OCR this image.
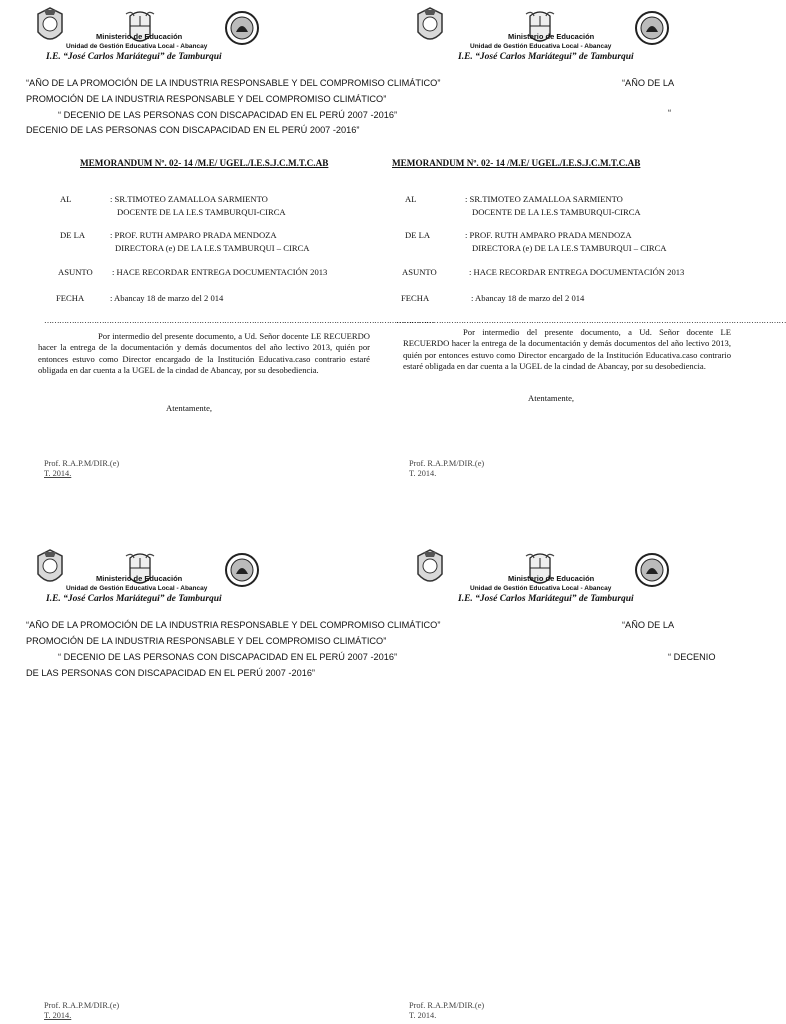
Ministerio de Educación
Unidad de Gestión Educativa Local - Abancay
I.E. “José Carlos Mariátegui” de Tamburqui
Ministerio de Educación
Unidad de Gestión Educativa Local - Abancay
I.E. “José Carlos Mariátegui” de Tamburqui
Ministerio de Educación
Unidad de Gestión Educativa Local - Abancay
I.E. “José Carlos Mariátegui” de Tamburqui
Ministerio de Educación
Unidad de Gestión Educativa Local - Abancay
I.E. “José Carlos Mariátegui” de Tamburqui
“AÑO DE LA PROMOCIÓN DE LA INDUSTRIA RESPONSABLE Y DEL COMPROMISO CLIMÁTICO”	“AÑO DE LA
PROMOCIÓN DE LA INDUSTRIA RESPONSABLE Y DEL COMPROMISO CLIMÁTICO”
“ DECENIO DE LAS PERSONAS CON DISCAPACIDAD EN EL PERÚ 2007 -2016”	“
DECENIO DE LAS PERSONAS CON DISCAPACIDAD EN EL PERÚ 2007 -2016”
MEMORANDUM Nº. 02- 14 /M.E/ UGEL./I.E.S.J.C.M.T.C.AB
AL	: SR.TIMOTEO ZAMALLOA SARMIENTO
DOCENTE DE LA I.E.S TAMBURQUI-CIRCA
DE LA	: PROF. RUTH AMPARO PRADA MENDOZA
DIRECTORA (e) DE LA I.E.S TAMBURQUI – CIRCA
ASUNTO : HACE RECORDAR ENTREGA DOCUMENTACIÓN 2013
FECHA	: Abancay 18 de marzo del 2 014
…………………………………………………………………………………………………………………………………………
Por intermedio del presente documento, a Ud. Señor docente LE RECUERDO hacer la entrega de la documentación y demás documentos del año lectivo 2013, quién por entonces estuvo como Director encargado de la Institución Educativa.caso contrario estaré obligada en dar cuenta a la UGEL de la cindad de Abancay, por su desobediencia.
Atentamente,
Prof. R.A.P.M/DIR.(e)
T. 2014.
MEMORANDUM Nº. 02- 14 /M.E/ UGEL./I.E.S.J.C.M.T.C.AB
AL	: SR.TIMOTEO ZAMALLOA SARMIENTO
DOCENTE DE LA I.E.S TAMBURQUI-CIRCA
DE LA	: PROF. RUTH AMPARO PRADA MENDOZA
DIRECTORA (e) DE LA I.E.S TAMBURQUI – CIRCA
ASUNTO	: HACE RECORDAR ENTREGA DOCUMENTACIÓN 2013
FECHA	: Abancay 18 de marzo del 2 014
…………………………………………………………………………………………………………………………………………
Por intermedio del presente documento, a Ud. Señor docente LE RECUERDO hacer la entrega de la documentación y demás documentos del año lectivo 2013, quién por entonces estuvo como Director encargado de la Institución Educativa.caso contrario estaré obligada en dar cuenta a la UGEL de la cindad de Abancay, por su desobediencia.
Atentamente,
Prof. R.A.P.M/DIR.(e)
T. 2014.
“AÑO DE LA PROMOCIÓN DE LA INDUSTRIA RESPONSABLE Y DEL COMPROMISO CLIMÁTICO”	“AÑO DE LA
PROMOCIÓN DE LA INDUSTRIA RESPONSABLE Y DEL COMPROMISO CLIMÁTICO”
“ DECENIO DE LAS PERSONAS CON DISCAPACIDAD EN EL PERÚ 2007 -2016”	“ DECENIO
DE LAS PERSONAS CON DISCAPACIDAD EN EL PERÚ 2007 -2016”
Prof. R.A.P.M/DIR.(e)
T. 2014.
Prof. R.A.P.M/DIR.(e)
T. 2014.
